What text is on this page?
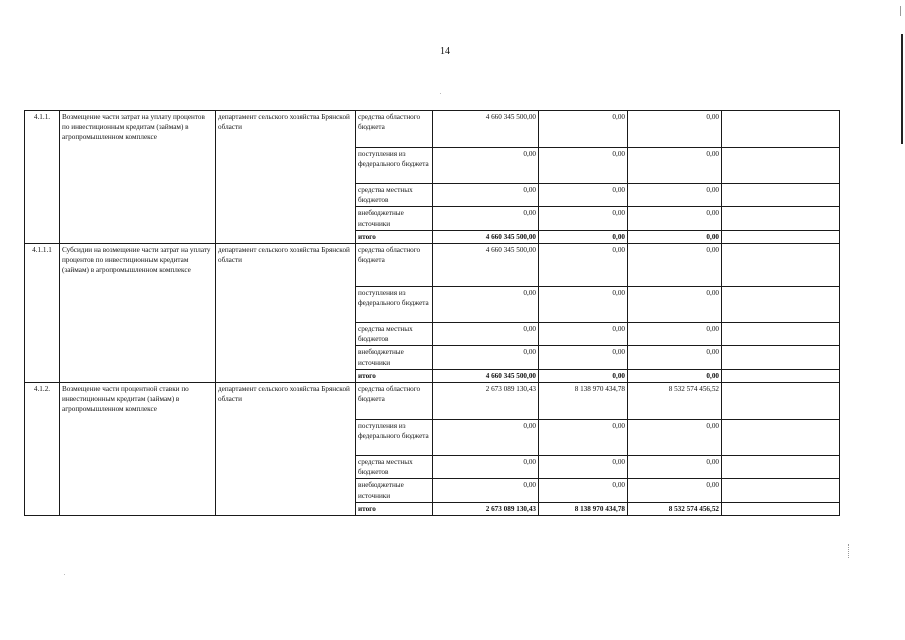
14
4.1.1.	Возмещение части затрат на уплату процентов по инвестиционным кредитам (займам) в агропромышленном комплексе	департамент сельского хозяйства Брянской области	средства областного бюджета	4 660 345 500,00	0,00	0,00	
			поступления из федерального бюджета	0,00	0,00	0,00	
			средства местных бюджетов	0,00	0,00	0,00	
			внебюджетные источники	0,00	0,00	0,00	
			итого	4 660 345 500,00	0,00	0,00	
4.1.1.1	Субсидии на возмещение части затрат на уплату процентов по инвестиционным кредитам (займам) в агропромышленном комплексе	департамент сельского хозяйства Брянской области	средства областного бюджета	4 660 345 500,00	0,00	0,00	
			поступления из федерального бюджета	0,00	0,00	0,00	
			средства местных бюджетов	0,00	0,00	0,00	
			внебюджетные источники	0,00	0,00	0,00	
			итого	4 660 345 500,00	0,00	0,00	
4.1.2.	Возмещение части процентной ставки по инвестиционным кредитам (займам) в агропромышленном комплексе	департамент сельского хозяйства Брянской области	средства областного бюджета	2 673 089 130,43	8 138 970 434,78	8 532 574 456,52	
			поступления из федерального бюджета	0,00	0,00	0,00	
			средства местных бюджетов	0,00	0,00	0,00	
			внебюджетные источники	0,00	0,00	0,00	
			итого	2 673 089 130,43	8 138 970 434,78	8 532 574 456,52	
